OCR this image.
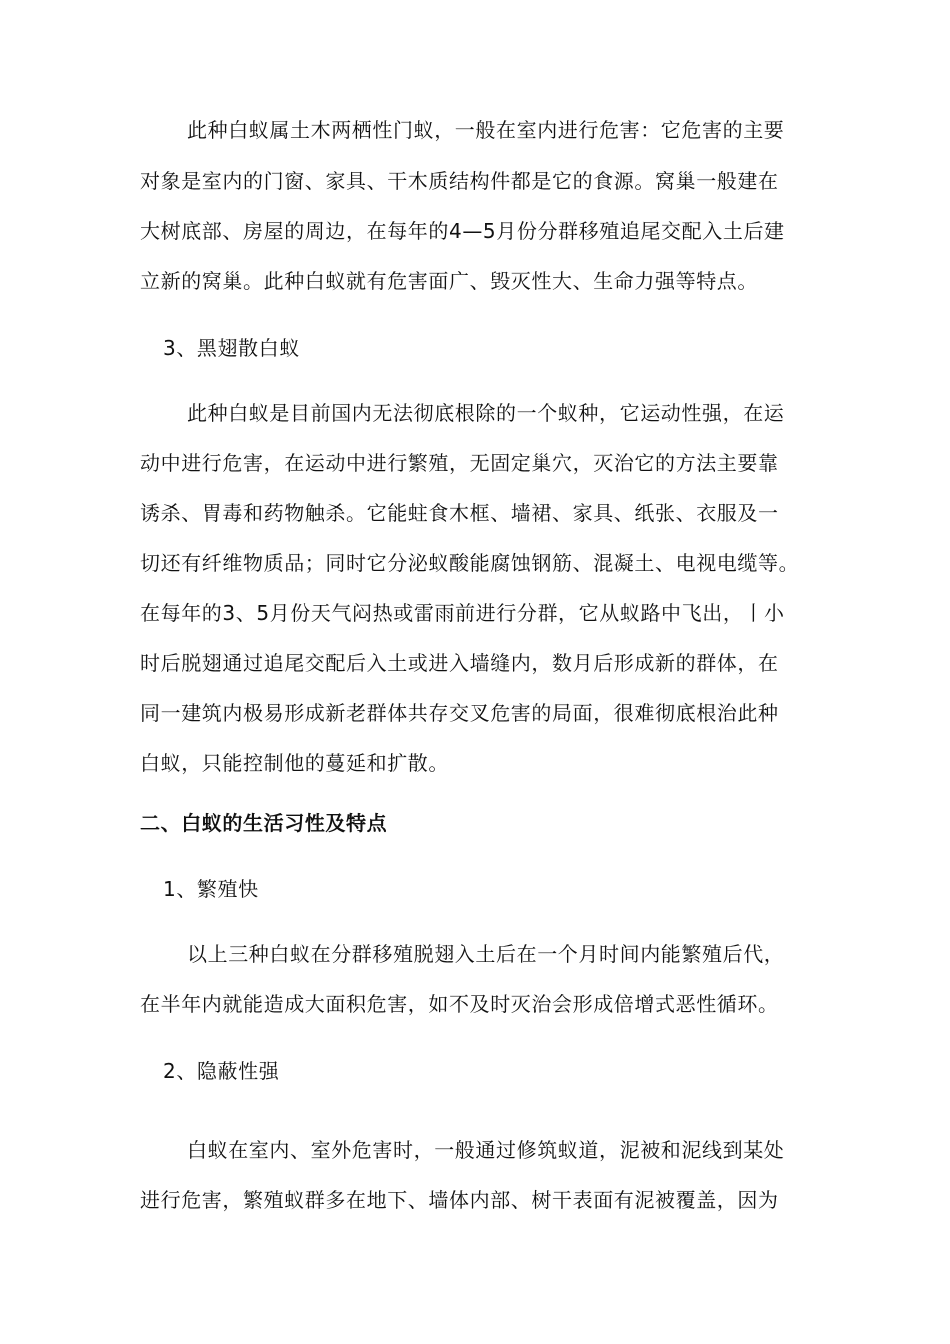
此种白蚁属土木两栖性门蚁，一般在室内进行危害：它危害的主要
对象是室内的门窗、家具、干木质结构件都是它的食源。窝巢一般建在
大树底部、房屋的周边，在每年的4—5月份分群移殖追尾交配入土后建
立新的窝巢。此种白蚁就有危害面广、毁灭性大、生命力强等特点。
3、黑翅散白蚁
此种白蚁是目前国内无法彻底根除的一个蚁种，它运动性强，在运
动中进行危害，在运动中进行繁殖，无固定巢穴，灭治它的方法主要靠
诱杀、胃毒和药物触杀。它能蛀食木框、墙裙、家具、纸张、衣服及一
切还有纤维物质品；同时它分泌蚁酸能腐蚀钢筋、混凝土、电视电缆等。
在每年的3、5月份天气闷热或雷雨前进行分群，它从蚁路中飞出，丨小
时后脱翅通过追尾交配后入土或进入墙缝内，数月后形成新的群体，在
同一建筑内极易形成新老群体共存交叉危害的局面，很难彻底根治此种
白蚁，只能控制他的蔓延和扩散。
二、白蚁的生活习性及特点
1、繁殖快
以上三种白蚁在分群移殖脱翅入土后在一个月时间内能繁殖后代，
在半年内就能造成大面积危害，如不及时灭治会形成倍增式恶性循环。
2、隐蔽性强
白蚁在室内、室外危害时，一般通过修筑蚁道，泥被和泥线到某处
进行危害，繁殖蚁群多在地下、墙体内部、树干表面有泥被覆盖，因为
